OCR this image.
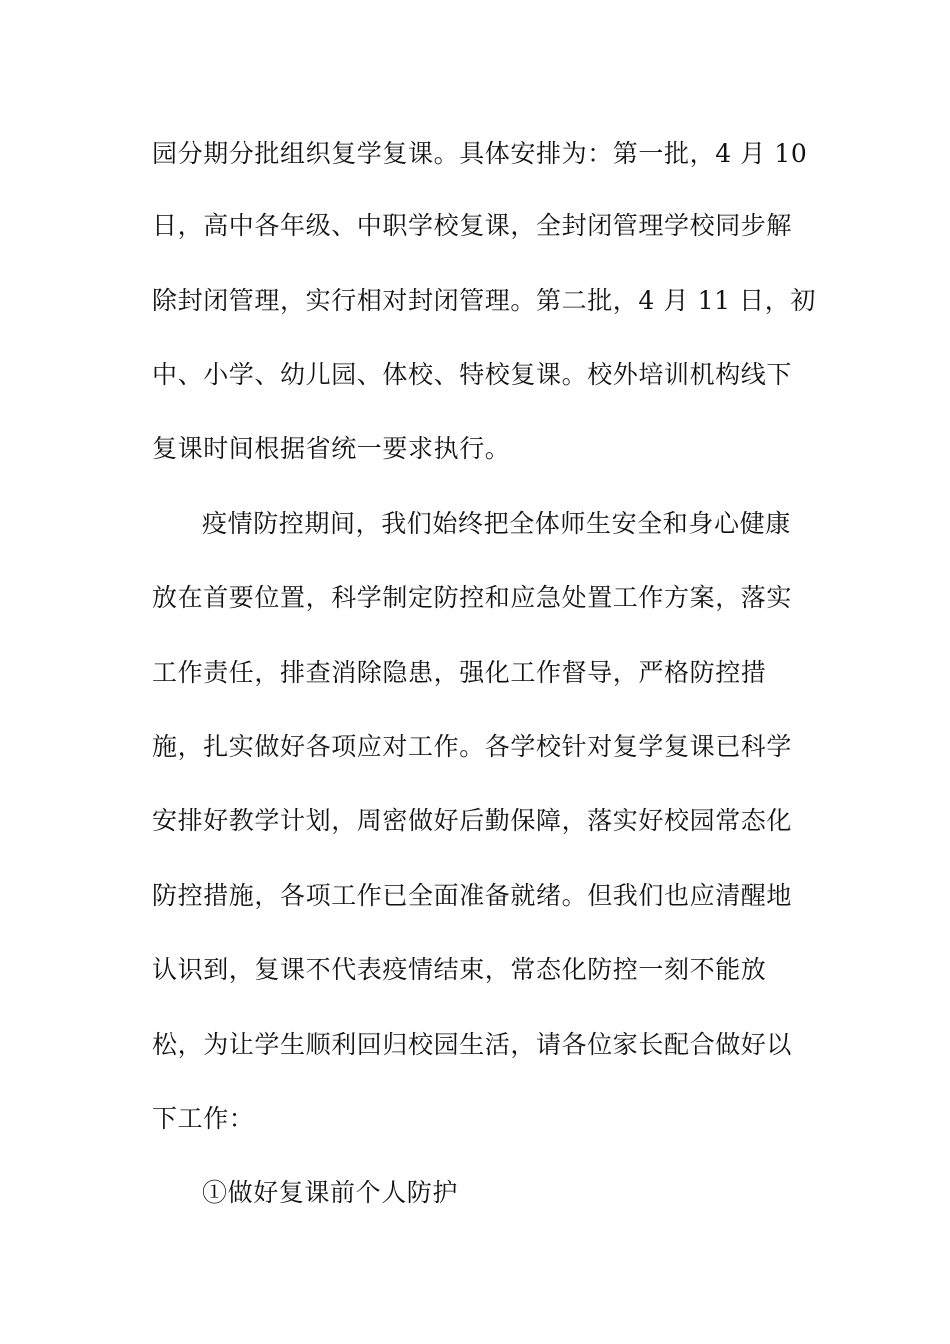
园分期分批组织复学复课。具体安排为：第一批，4 月 10

日，高中各年级、中职学校复课，全封闭管理学校同步解

除封闭管理，实行相对封闭管理。第二批，4 月 11 日，初

中、小学、幼儿园、体校、特校复课。校外培训机构线下

复课时间根据省统一要求执行。

疫情防控期间，我们始终把全体师生安全和身心健康

放在首要位置，科学制定防控和应急处置工作方案，落实

工作责任，排查消除隐患，强化工作督导，严格防控措

施，扎实做好各项应对工作。各学校针对复学复课已科学

安排好教学计划，周密做好后勤保障，落实好校园常态化

防控措施，各项工作已全面准备就绪。但我们也应清醒地

认识到，复课不代表疫情结束，常态化防控一刻不能放

松，为让学生顺利回归校园生活，请各位家长配合做好以

下工作：

①做好复课前个人防护
